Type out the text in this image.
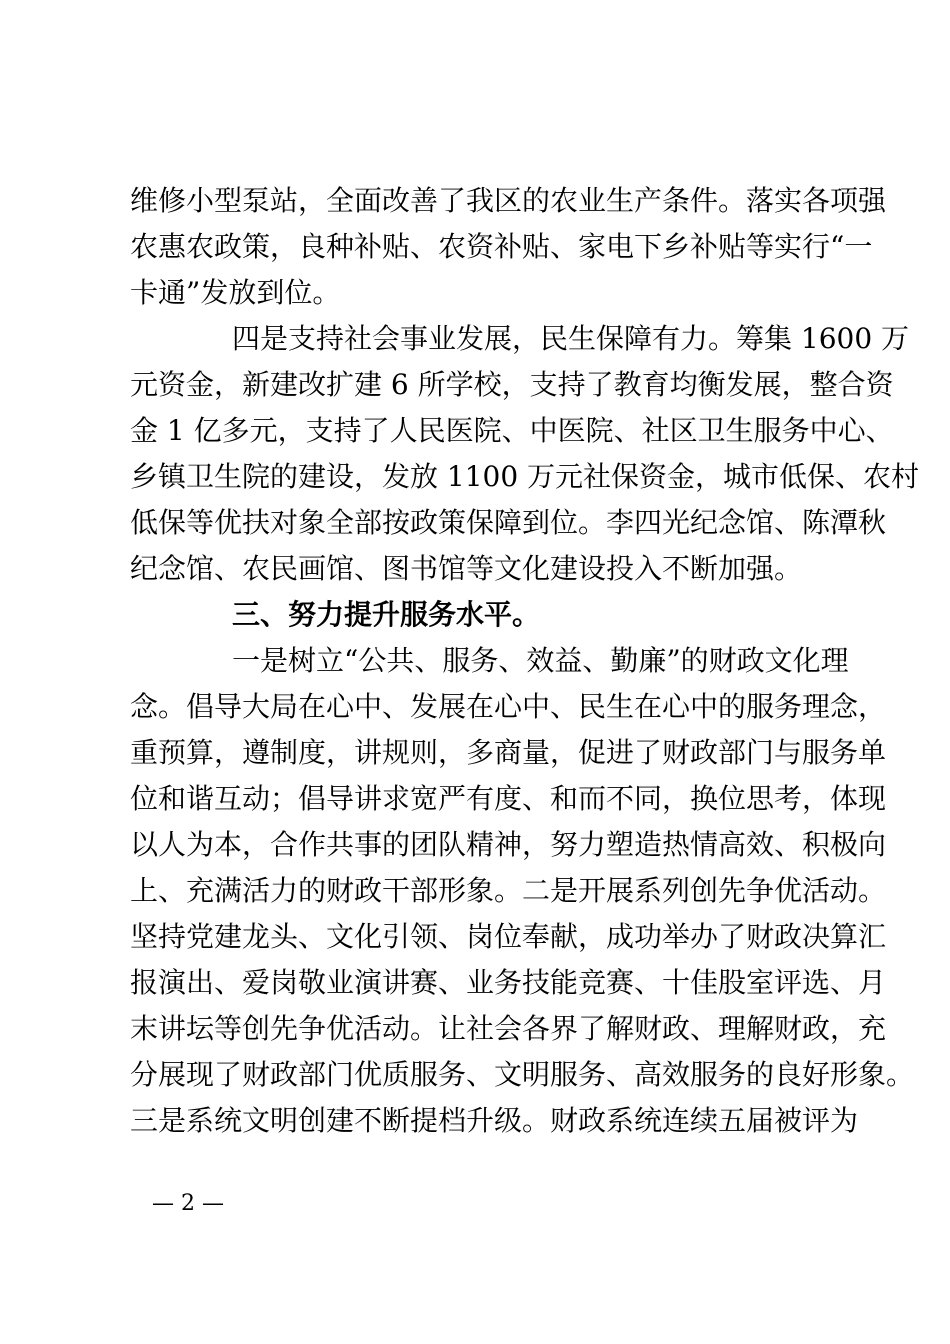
维修小型泵站，全面改善了我区的农业生产条件。落实各项强
农惠农政策，良种补贴、农资补贴、家电下乡补贴等实行“一
卡通”发放到位。
四是支持社会事业发展，民生保障有力。筹集 1600 万
元资金，新建改扩建 6 所学校，支持了教育均衡发展，整合资
金 1 亿多元，支持了人民医院、中医院、社区卫生服务中心、
乡镇卫生院的建设，发放 1100 万元社保资金，城市低保、农村
低保等优扶对象全部按政策保障到位。李四光纪念馆、陈潭秋
纪念馆、农民画馆、图书馆等文化建设投入不断加强。
三、努力提升服务水平。
一是树立“公共、服务、效益、勤廉”的财政文化理
念。倡导大局在心中、发展在心中、民生在心中的服务理念，
重预算，遵制度，讲规则，多商量，促进了财政部门与服务单
位和谐互动；倡导讲求宽严有度、和而不同，换位思考，体现
以人为本，合作共事的团队精神，努力塑造热情高效、积极向
上、充满活力的财政干部形象。二是开展系列创先争优活动。
坚持党建龙头、文化引领、岗位奉献，成功举办了财政决算汇
报演出、爱岗敬业演讲赛、业务技能竞赛、十佳股室评选、月
末讲坛等创先争优活动。让社会各界了解财政、理解财政，充
分展现了财政部门优质服务、文明服务、高效服务的良好形象。
三是系统文明创建不断提档升级。财政系统连续五届被评为
— 2 —
